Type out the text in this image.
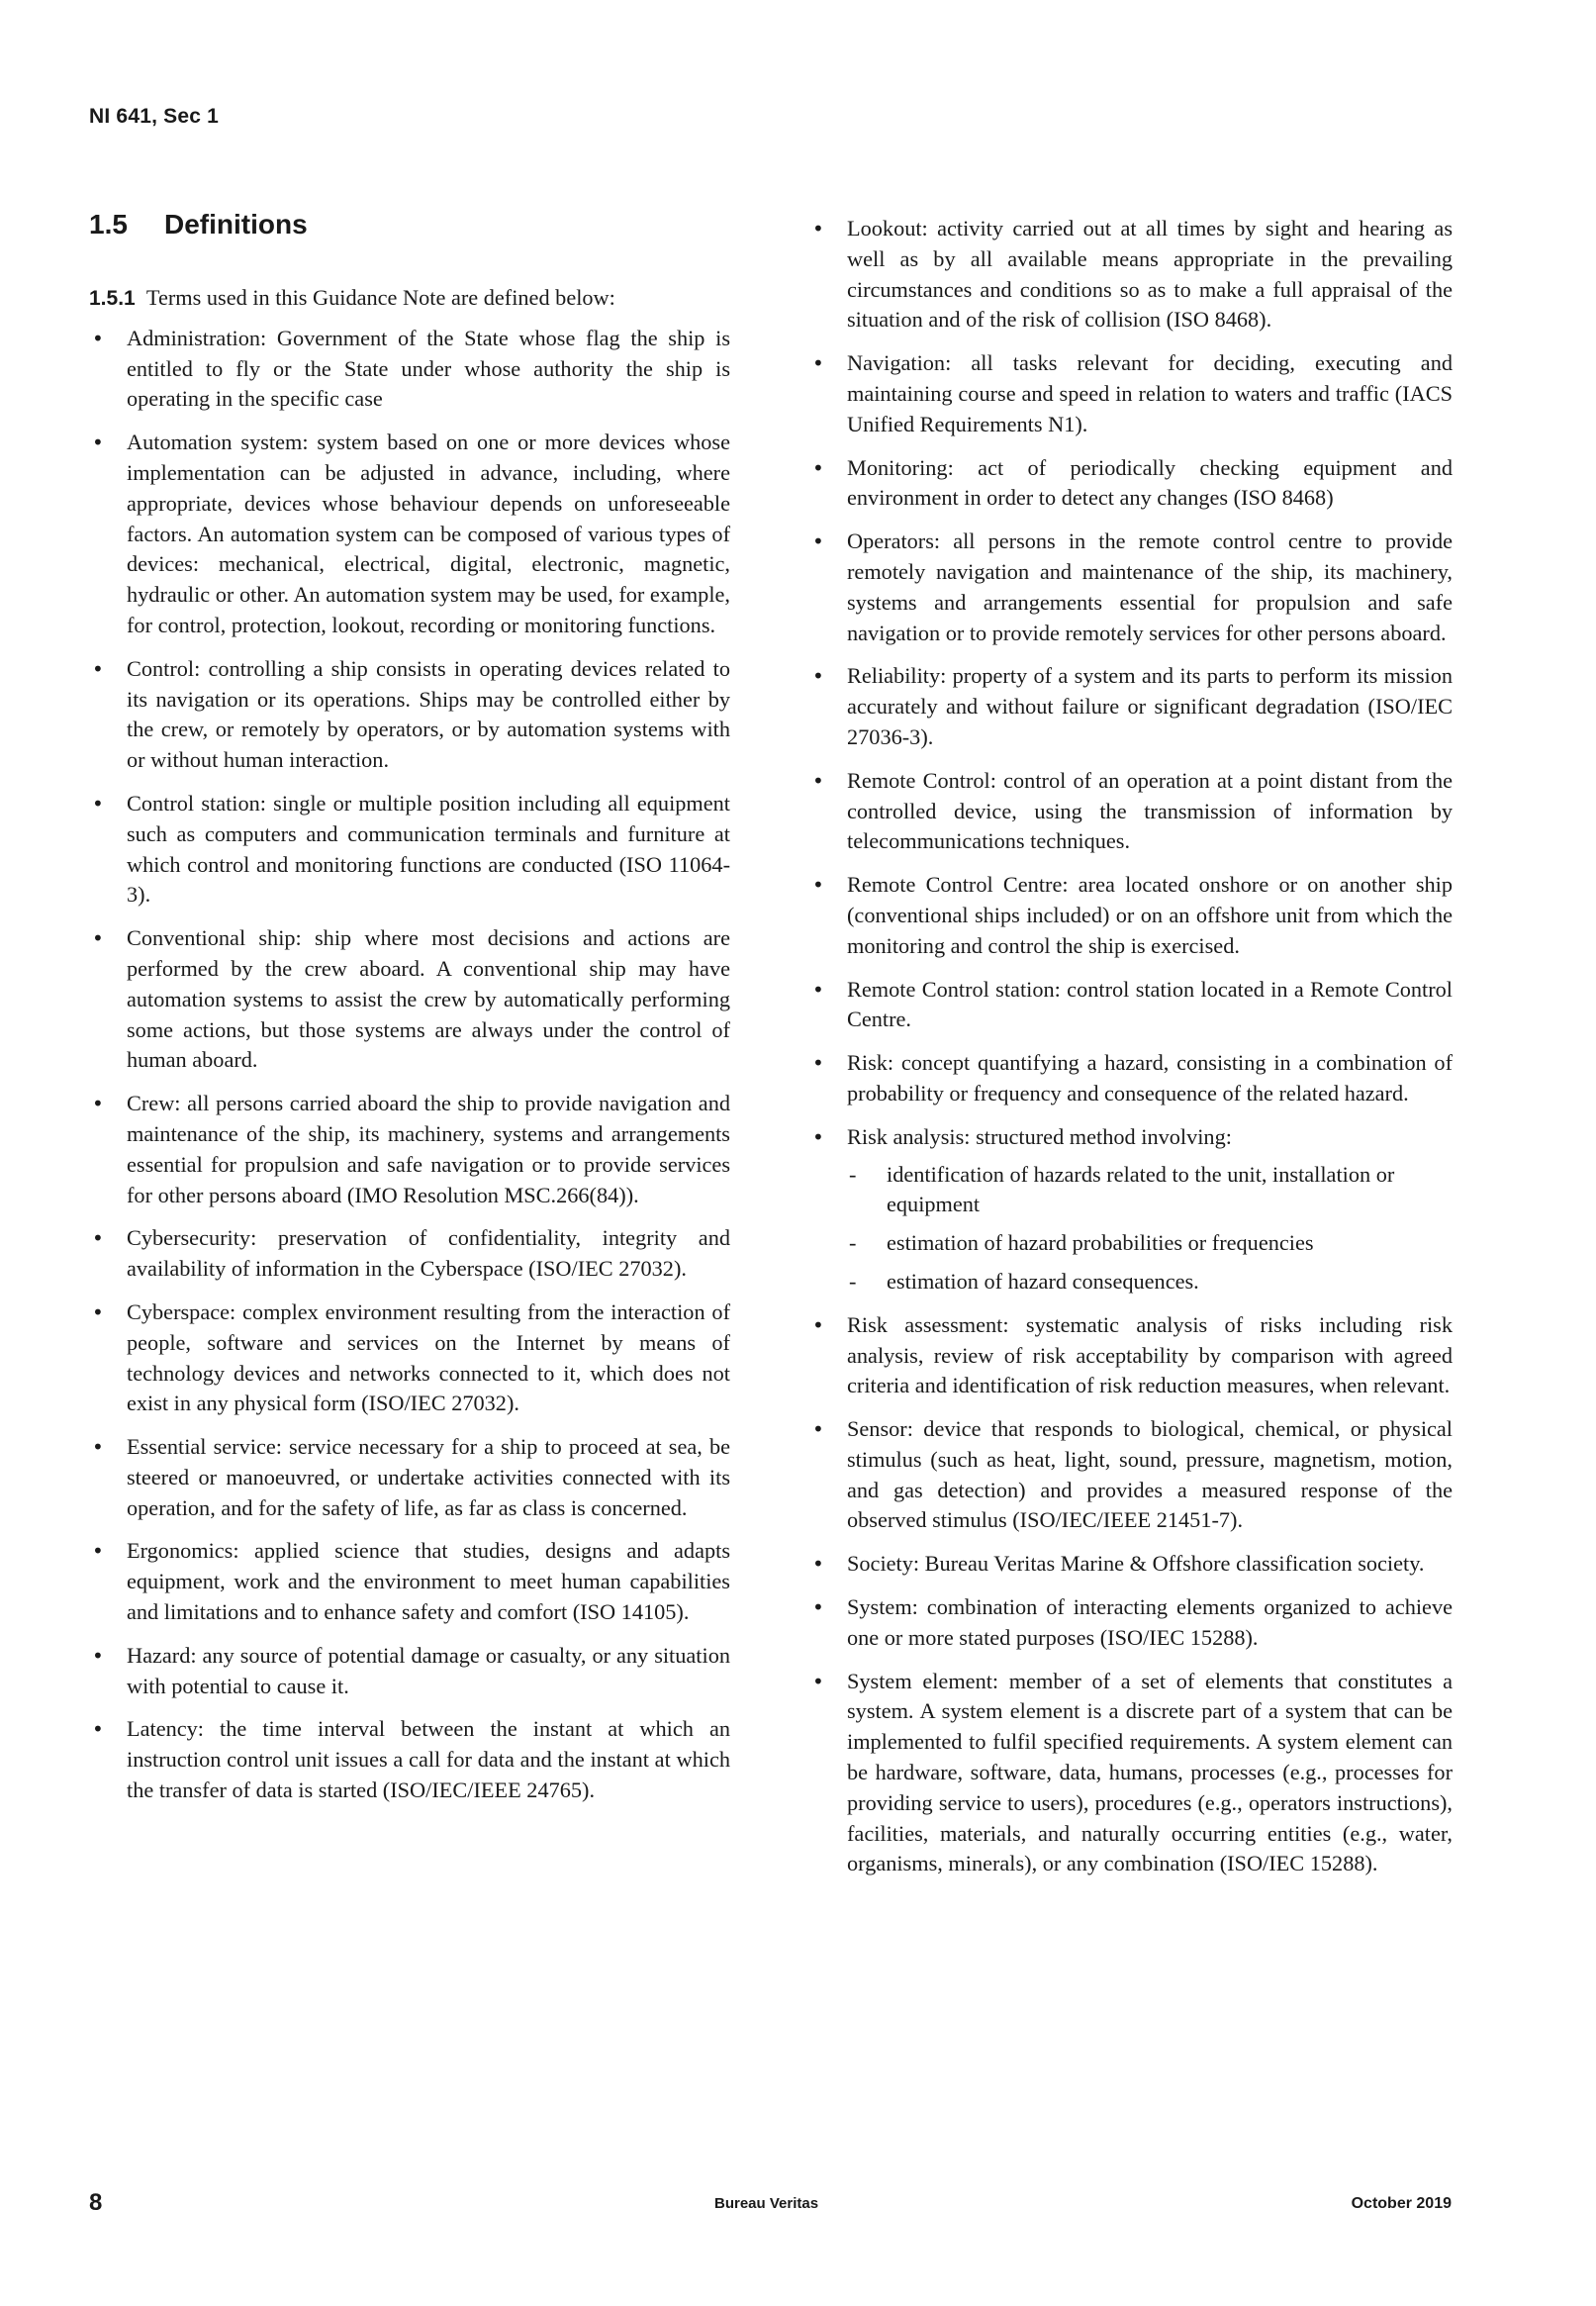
NI 641, Sec 1
1.5 Definitions

1.5.1 Terms used in this Guidance Note are defined below:

• Administration: Government of the State whose flag the ship is entitled to fly or the State under whose authority the ship is operating in the specific case
• Automation system: system based on one or more devices whose implementation can be adjusted in advance, including, where appropriate, devices whose behaviour depends on unforeseeable factors. An automation system can be composed of various types of devices: mechanical, electrical, digital, electronic, magnetic, hydraulic or other. An automation system may be used, for example, for control, protection, lookout, recording or monitoring functions.
• Control: controlling a ship consists in operating devices related to its navigation or its operations. Ships may be controlled either by the crew, or remotely by operators, or by automation systems with or without human interaction.
• Control station: single or multiple position including all equipment such as computers and communication terminals and furniture at which control and monitoring functions are conducted (ISO 11064-3).
• Conventional ship: ship where most decisions and actions are performed by the crew aboard. A conventional ship may have automation systems to assist the crew by automatically performing some actions, but those systems are always under the control of human aboard.
• Crew: all persons carried aboard the ship to provide navigation and maintenance of the ship, its machinery, systems and arrangements essential for propulsion and safe navigation or to provide services for other persons aboard (IMO Resolution MSC.266(84)).
• Cybersecurity: preservation of confidentiality, integrity and availability of information in the Cyberspace (ISO/IEC 27032).
• Cyberspace: complex environment resulting from the interaction of people, software and services on the Internet by means of technology devices and networks connected to it, which does not exist in any physical form (ISO/IEC 27032).
• Essential service: service necessary for a ship to proceed at sea, be steered or manoeuvred, or undertake activities connected with its operation, and for the safety of life, as far as class is concerned.
• Ergonomics: applied science that studies, designs and adapts equipment, work and the environment to meet human capabilities and limitations and to enhance safety and comfort (ISO 14105).
• Hazard: any source of potential damage or casualty, or any situation with potential to cause it.
• Latency: the time interval between the instant at which an instruction control unit issues a call for data and the instant at which the transfer of data is started (ISO/IEC/IEEE 24765).
• Lookout: activity carried out at all times by sight and hearing as well as by all available means appropriate in the prevailing circumstances and conditions so as to make a full appraisal of the situation and of the risk of collision (ISO 8468).
• Navigation: all tasks relevant for deciding, executing and maintaining course and speed in relation to waters and traffic (IACS Unified Requirements N1).
• Monitoring: act of periodically checking equipment and environment in order to detect any changes (ISO 8468)
• Operators: all persons in the remote control centre to provide remotely navigation and maintenance of the ship, its machinery, systems and arrangements essential for propulsion and safe navigation or to provide remotely services for other persons aboard.
• Reliability: property of a system and its parts to perform its mission accurately and without failure or significant degradation (ISO/IEC 27036-3).
• Remote Control: control of an operation at a point distant from the controlled device, using the transmission of information by telecommunications techniques.
• Remote Control Centre: area located onshore or on another ship (conventional ships included) or on an offshore unit from which the monitoring and control the ship is exercised.
• Remote Control station: control station located in a Remote Control Centre.
• Risk: concept quantifying a hazard, consisting in a combination of probability or frequency and consequence of the related hazard.
• Risk analysis: structured method involving:
- identification of hazards related to the unit, installation or equipment
- estimation of hazard probabilities or frequencies
- estimation of hazard consequences.
• Risk assessment: systematic analysis of risks including risk analysis, review of risk acceptability by comparison with agreed criteria and identification of risk reduction measures, when relevant.
• Sensor: device that responds to biological, chemical, or physical stimulus (such as heat, light, sound, pressure, magnetism, motion, and gas detection) and provides a measured response of the observed stimulus (ISO/IEC/IEEE 21451-7).
• Society: Bureau Veritas Marine & Offshore classification society.
• System: combination of interacting elements organized to achieve one or more stated purposes (ISO/IEC 15288).
• System element: member of a set of elements that constitutes a system. A system element is a discrete part of a system that can be implemented to fulfil specified requirements. A system element can be hardware, software, data, humans, processes (e.g., processes for providing service to users), procedures (e.g., operators instructions), facilities, materials, and naturally occurring entities (e.g., water, organisms, minerals), or any combination (ISO/IEC 15288).
8	Bureau Veritas	October 2019
